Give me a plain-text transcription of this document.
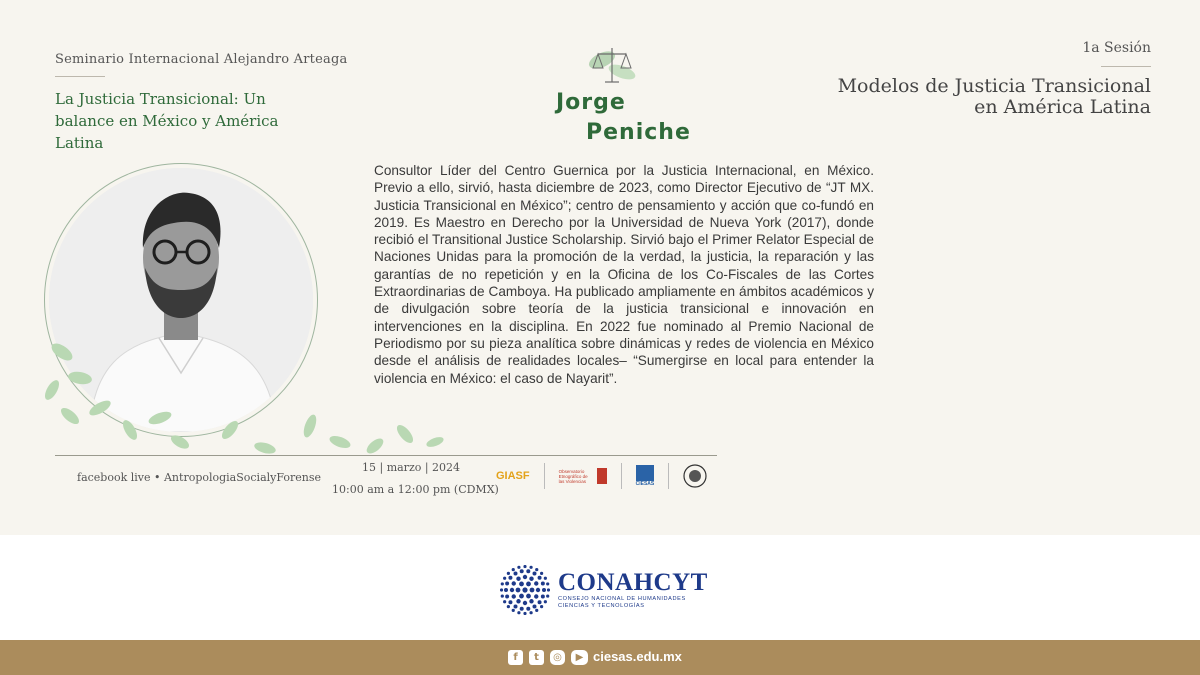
Seminario Internacional Alejandro Arteaga
La Justicia Transicional: Un balance en México y América Latina
1a Sesión
Modelos de Justicia Transicional en América Latina
Jorge
Peniche
Consultor Líder del Centro Guernica por la Justicia Internacional, en México. Previo a ello, sirvió, hasta diciembre de 2023, como Director Ejecutivo de “JT MX. Justicia Transicional en México”; centro de pensamiento y acción que co-fundó en 2019. Es Maestro en Derecho por la Universidad de Nueva York (2017), donde recibió el Transitional Justice Scholarship. Sirvió bajo el Primer Relator Especial de Naciones Unidas para la promoción de la verdad, la justicia, la reparación y las garantías de no repetición y en la Oficina de los Co-Fiscales de las Cortes Extraordinarias de Camboya. Ha publicado ampliamente en ámbitos académicos y de divulgación sobre teoría de la justicia transicional e innovación en intervenciones en la disciplina. En 2022 fue nominado al Premio Nacional de Periodismo por su pieza analítica sobre dinámicas y redes de violencia en México desde el análisis de realidades locales– “Sumergirse en local para entender la violencia en México: el caso de Nayarit”.
facebook live • AntropologiaSocialyForense
15 | marzo | 2024
10:00 am a 12:00 pm (CDMX)
GIASF	Observatorio Etnográfico de las Violencias	CIESAS
CONAHCYT
CONSEJO NACIONAL DE HUMANIDADES
CIENCIAS Y TECNOLOGÍAS
f	t	◎	▶ ciesas.edu.mx
